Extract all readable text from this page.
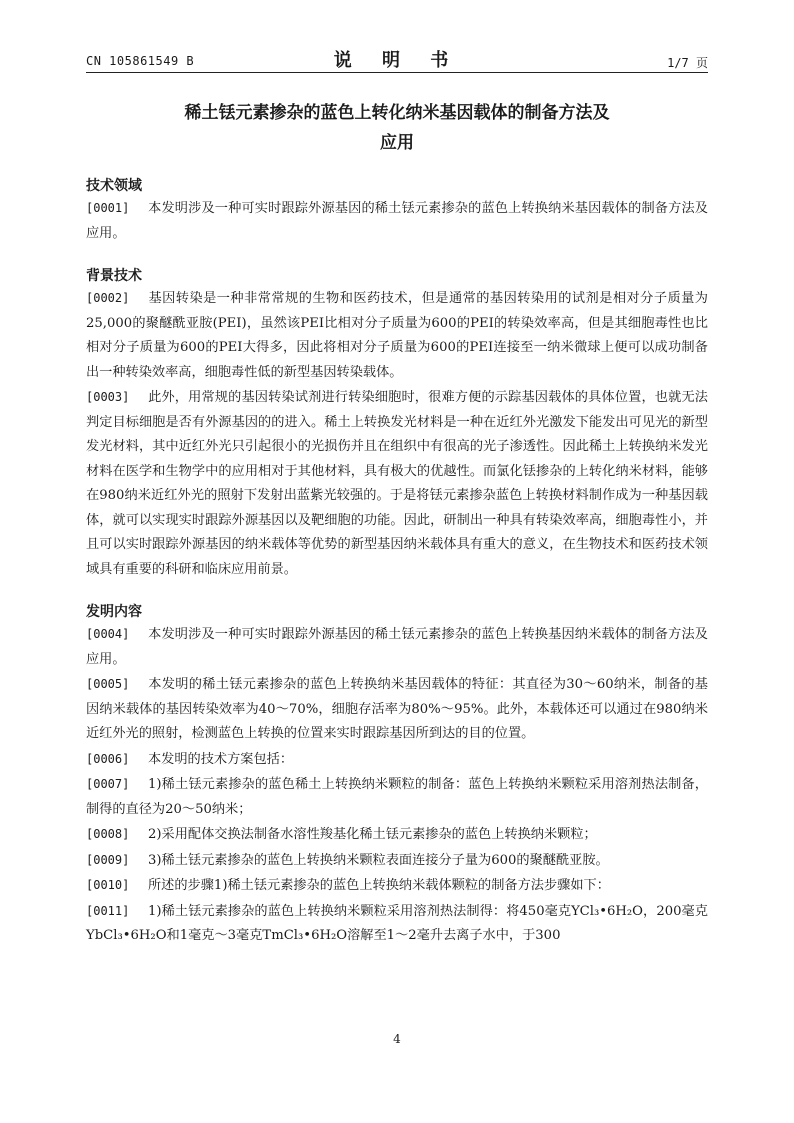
CN 105861549 B	说 明 书	1/7 页
稀土铥元素掺杂的蓝色上转化纳米基因载体的制备方法及
应用
技术领域
[0001] 本发明涉及一种可实时跟踪外源基因的稀土铥元素掺杂的蓝色上转换纳米基因载体的制备方法及应用。
背景技术
[0002] 基因转染是一种非常常规的生物和医药技术，但是通常的基因转染用的试剂是相对分子质量为25,000的聚醚酰亚胺(PEI)，虽然该PEI比相对分子质量为600的PEI的转染效率高，但是其细胞毒性也比相对分子质量为600的PEI大得多，因此将相对分子质量为600的PEI连接至一纳米微球上便可以成功制备出一种转染效率高，细胞毒性低的新型基因转染载体。
[0003] 此外，用常规的基因转染试剂进行转染细胞时，很难方便的示踪基因载体的具体位置，也就无法判定目标细胞是否有外源基因的的进入。稀土上转换发光材料是一种在近红外光激发下能发出可见光的新型发光材料，其中近红外光只引起很小的光损伤并且在组织中有很高的光子渗透性。因此稀土上转换纳米发光材料在医学和生物学中的应用相对于其他材料，具有极大的优越性。而氯化铥掺杂的上转化纳米材料，能够在980纳米近红外光的照射下发射出蓝紫光较强的。于是将铥元素掺杂蓝色上转换材料制作成为一种基因载体，就可以实现实时跟踪外源基因以及靶细胞的功能。因此，研制出一种具有转染效率高，细胞毒性小，并且可以实时跟踪外源基因的纳米载体等优势的新型基因纳米载体具有重大的意义，在生物技术和医药技术领域具有重要的科研和临床应用前景。
发明内容
[0004] 本发明涉及一种可实时跟踪外源基因的稀土铥元素掺杂的蓝色上转换基因纳米载体的制备方法及应用。
[0005] 本发明的稀土铥元素掺杂的蓝色上转换纳米基因载体的特征：其直径为30～60纳米，制备的基因纳米载体的基因转染效率为40～70%，细胞存活率为80%～95%。此外，本载体还可以通过在980纳米近红外光的照射，检测蓝色上转换的位置来实时跟踪基因所到达的目的位置。
[0006] 本发明的技术方案包括：
[0007] 1)稀土铥元素掺杂的蓝色稀土上转换纳米颗粒的制备：蓝色上转换纳米颗粒采用溶剂热法制备，制得的直径为20～50纳米；
[0008] 2)采用配体交换法制备水溶性羧基化稀土铥元素掺杂的蓝色上转换纳米颗粒；
[0009] 3)稀土铥元素掺杂的蓝色上转换纳米颗粒表面连接分子量为600的聚醚酰亚胺。
[0010] 所述的步骤1)稀土铥元素掺杂的蓝色上转换纳米载体颗粒的制备方法步骤如下：
[0011] 1)稀土铥元素掺杂的蓝色上转换纳米颗粒采用溶剂热法制得：将450毫克YCl₃•6H₂O，200毫克YbCl₃•6H₂O和1毫克～3毫克TmCl₃•6H₂O溶解至1～2毫升去离子水中，于300
4
